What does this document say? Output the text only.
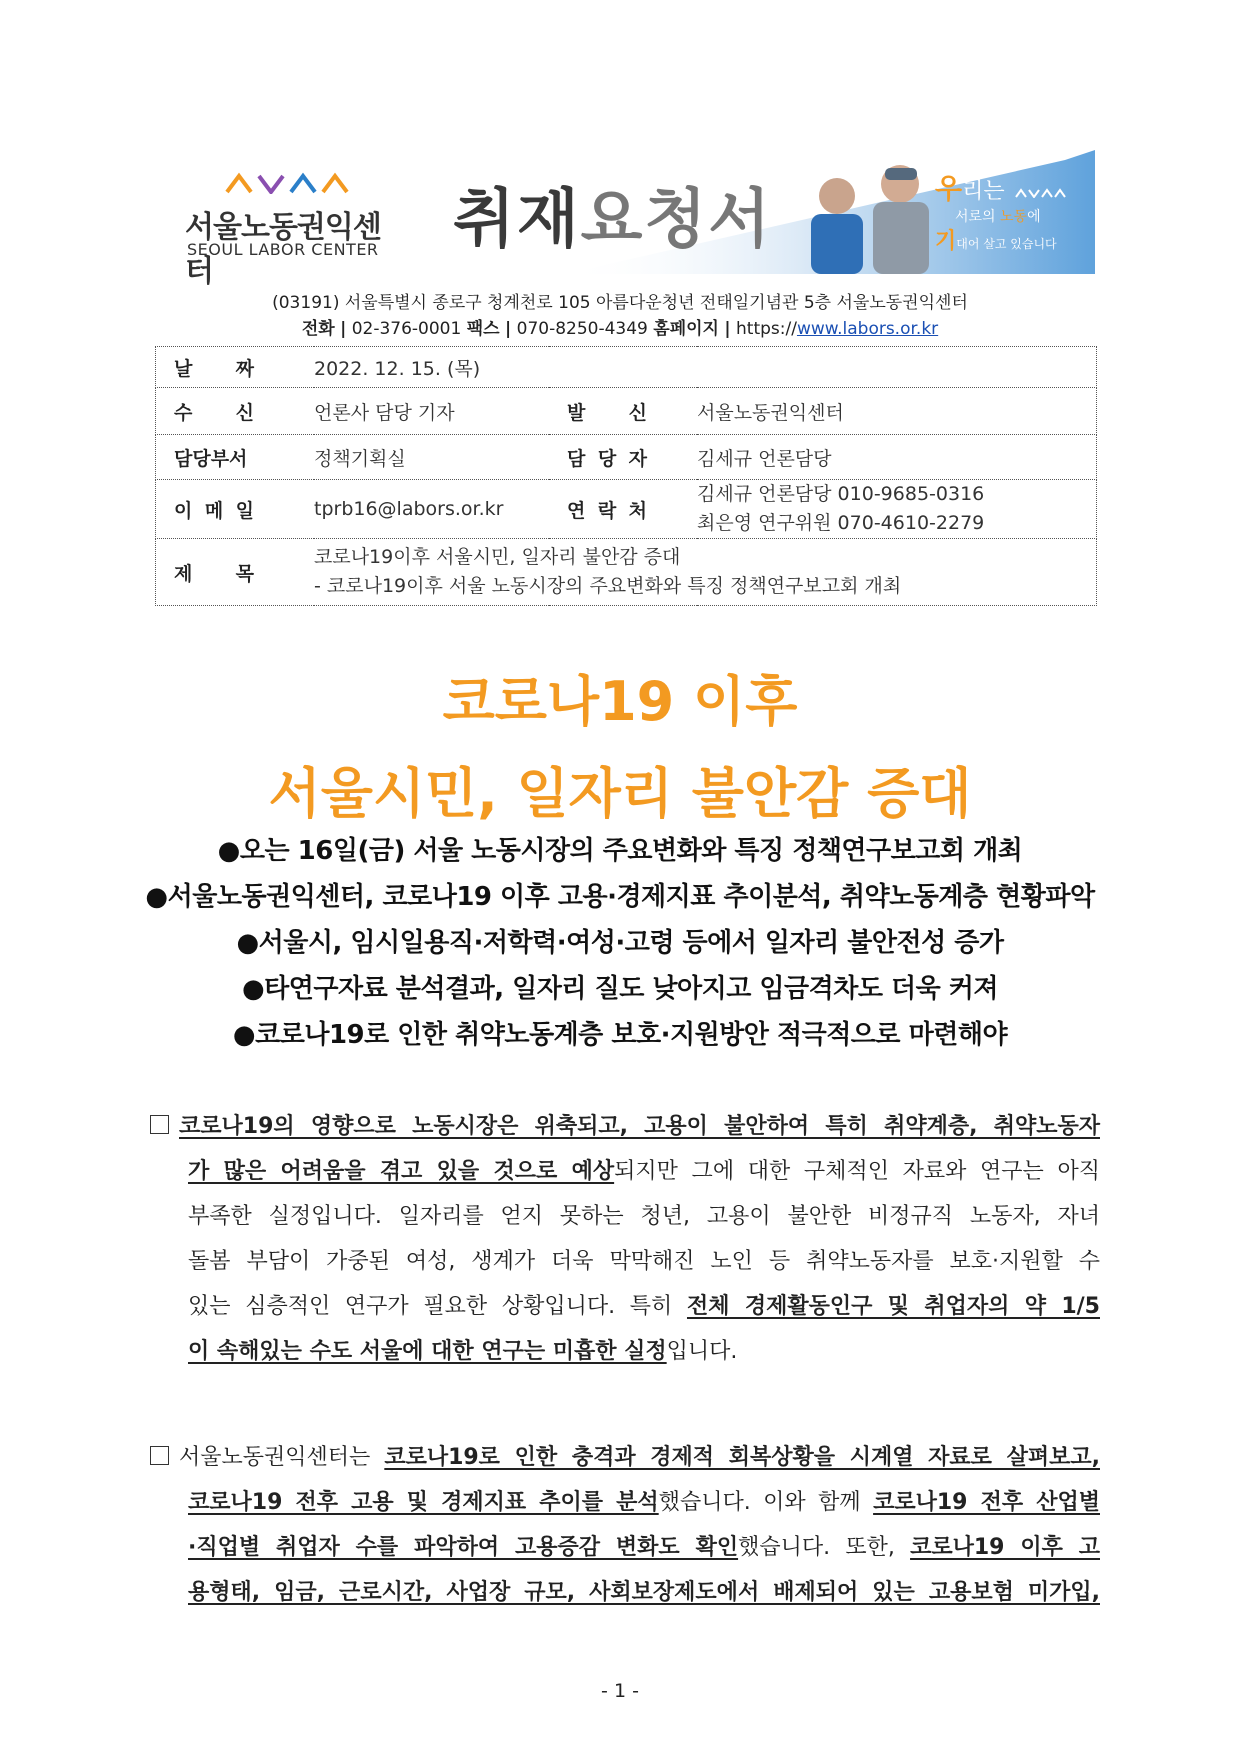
서울노동권익센터
SEOUL LABOR CENTER	취재요청서	우리는
서로의 노동에
기대어 살고 있습니다
(03191) 서울특별시 종로구 청계천로 105 아름다운청년 전태일기념관 5층 서울노동권익센터
전화 | 02-376-0001 팩스 | 070-8250-4349 홈페이지 | https://www.labors.or.kr
날 짜	2022. 12. 15. (목)		
수 신	언론사 담당 기자	발 신	서울노동권익센터
담당부서	정책기획실	담 당 자	김세규 언론담당
이 메 일	tprb16@labors.or.kr	연 락 처	김세규 언론담당 010-9685-0316
최은영 연구위원 070-4610-2279

제 목	코로나19이후 서울시민, 일자리 불안감 증대
- 코로나19이후 서울 노동시장의 주요변화와 특징 정책연구보고회 개최		
코로나19 이후
서울시민, 일자리 불안감 증대
●오는 16일(금) 서울 노동시장의 주요변화와 특징 정책연구보고회 개최
●서울노동권익센터, 코로나19 이후 고용·경제지표 추이분석, 취약노동계층 현황파악
●서울시, 임시일용직·저학력·여성·고령 등에서 일자리 불안전성 증가
●타연구자료 분석결과, 일자리 질도 낮아지고 임금격차도 더욱 커져
●코로나19로 인한 취약노동계층 보호·지원방안 적극적으로 마련해야
코로나19의 영향으로 노동시장은 위축되고, 고용이 불안하여 특히 취약계층, 취약노동자
가 많은 어려움을 겪고 있을 것으로 예상되지만 그에 대한 구체적인 자료와 연구는 아직
부족한 실정입니다. 일자리를 얻지 못하는 청년, 고용이 불안한 비정규직 노동자, 자녀
돌봄 부담이 가중된 여성, 생계가 더욱 막막해진 노인 등 취약노동자를 보호·지원할 수
있는 심층적인 연구가 필요한 상황입니다. 특히 전체 경제활동인구 및 취업자의 약 1/5
이 속해있는 수도 서울에 대한 연구는 미흡한 실정입니다.
서울노동권익센터는 코로나19로 인한 충격과 경제적 회복상황을 시계열 자료로 살펴보고,
코로나19 전후 고용 및 경제지표 추이를 분석했습니다. 이와 함께 코로나19 전후 산업별
·직업별 취업자 수를 파악하여 고용증감 변화도 확인했습니다. 또한, 코로나19 이후 고
용형태, 임금, 근로시간, 사업장 규모, 사회보장제도에서 배제되어 있는 고용보험 미가입,
- 1 -
